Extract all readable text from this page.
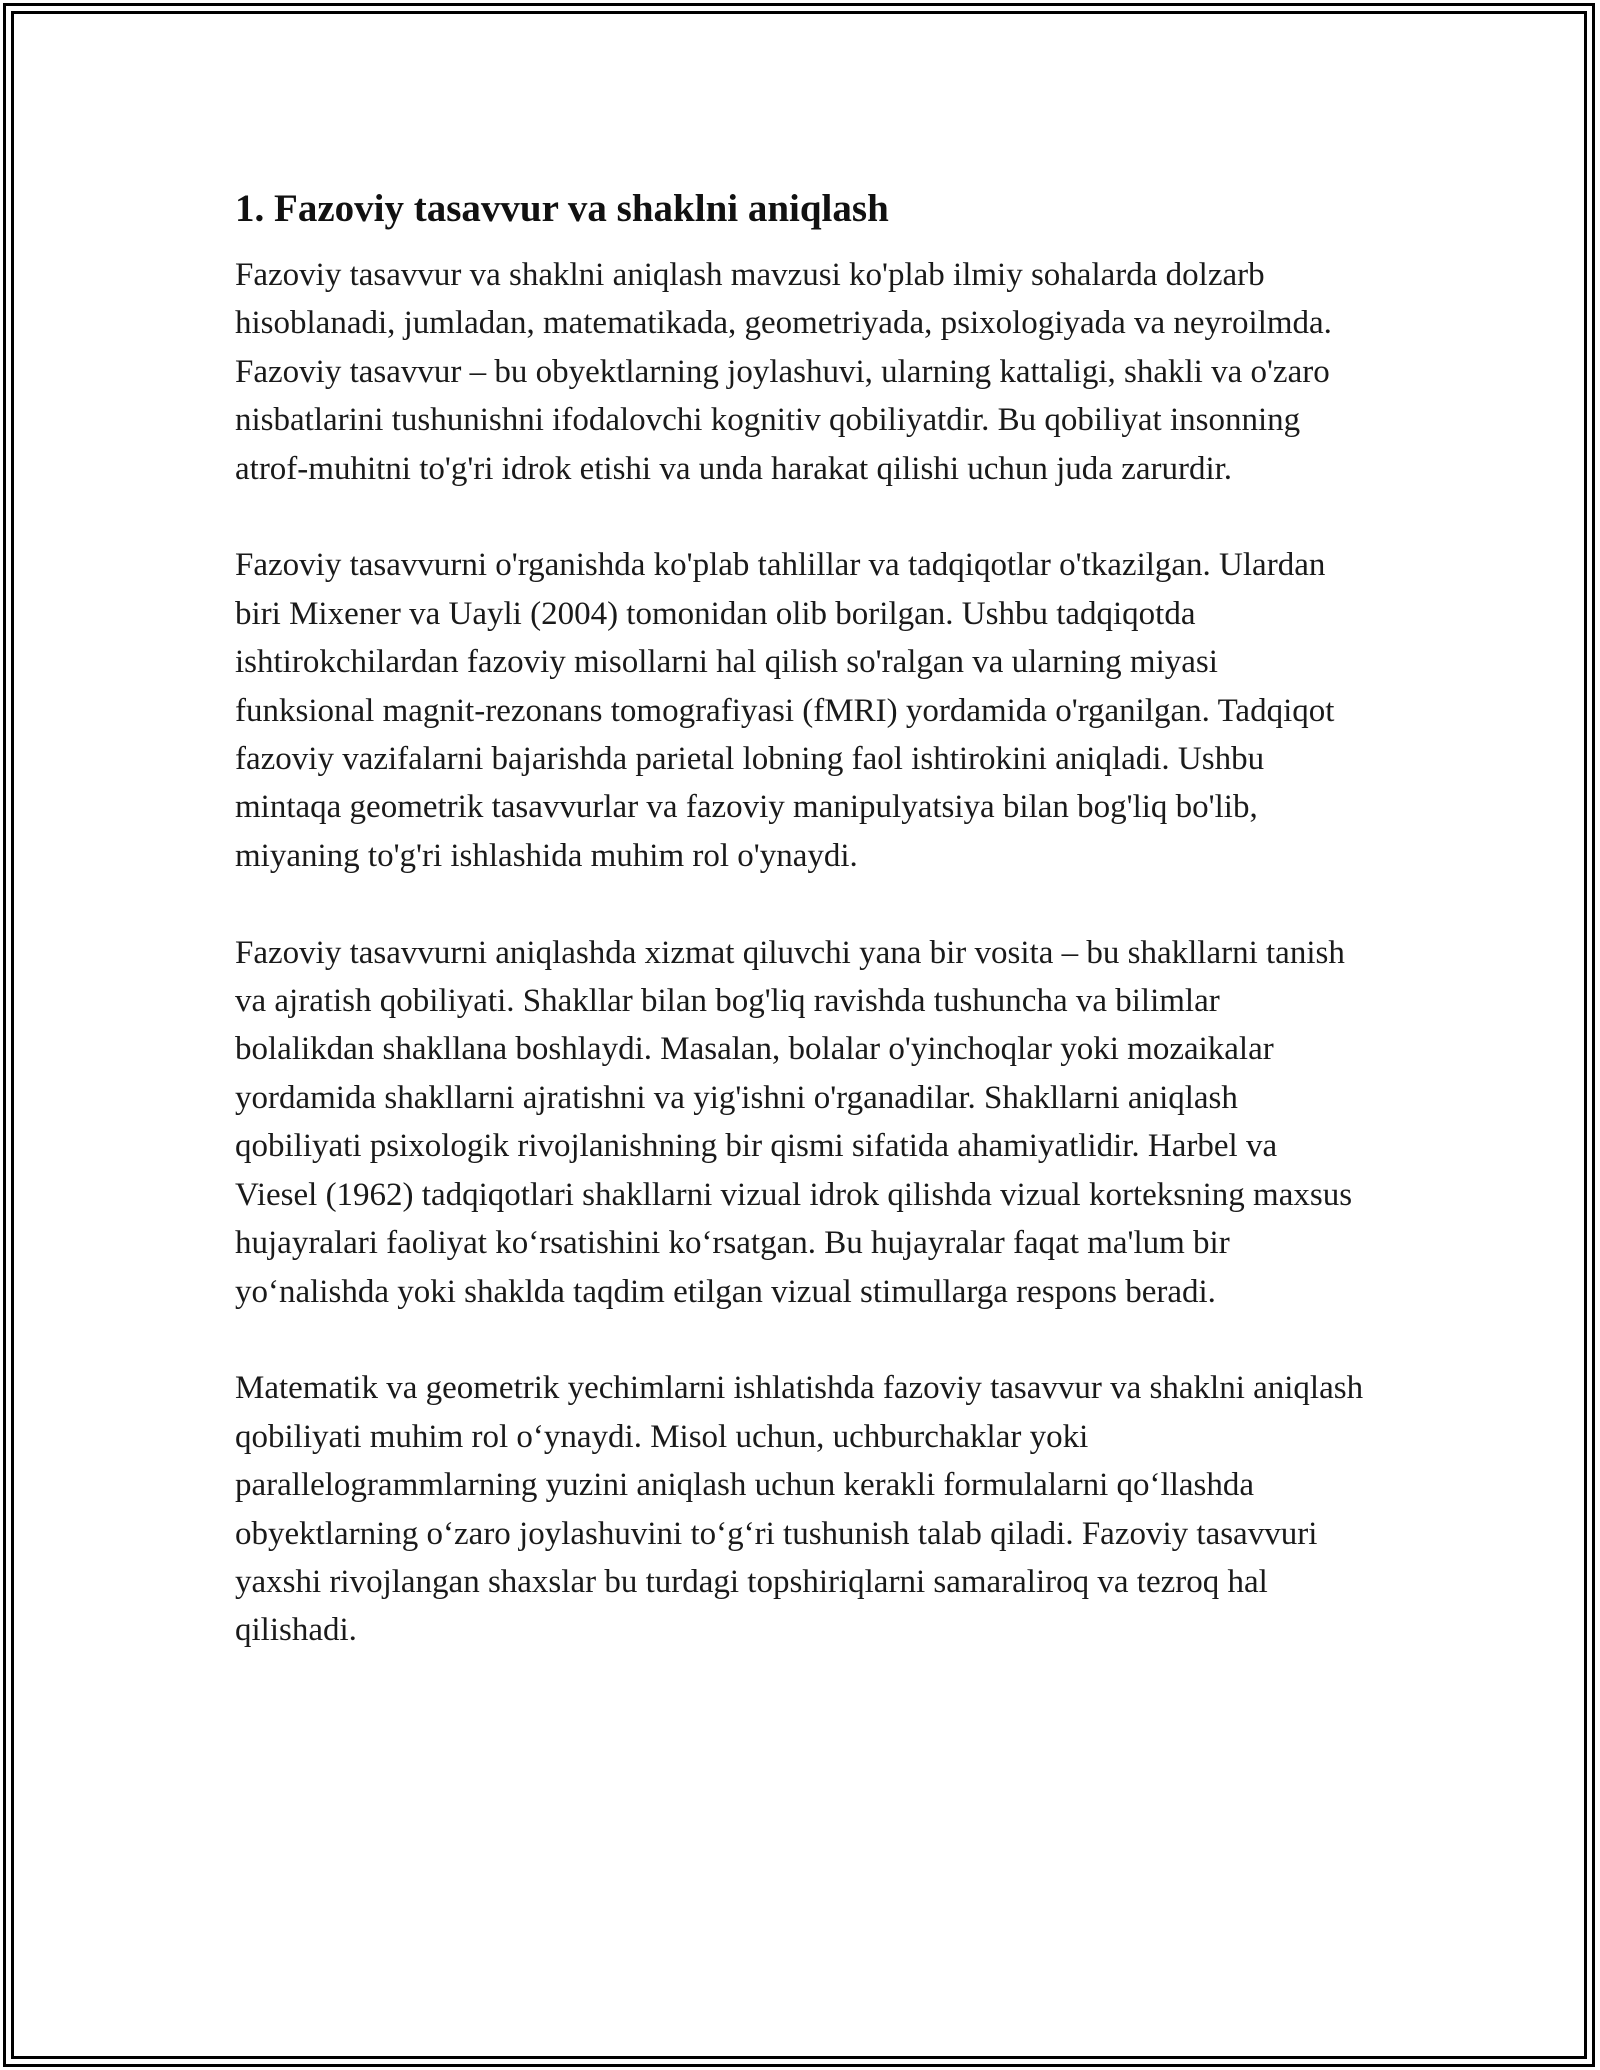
1. Fazoviy tasavvur va shaklni aniqlash

Fazoviy tasavvur va shaklni aniqlash mavzusi ko'plab ilmiy sohalarda dolzarb hisoblanadi, jumladan, matematikada, geometriyada, psixologiyada va neyroilmda. Fazoviy tasavvur – bu obyektlarning joylashuvi, ularning kattaligi, shakli va o'zaro nisbatlarini tushunishni ifodalovchi kognitiv qobiliyatdir. Bu qobiliyat insonning atrof-muhitni to'g'ri idrok etishi va unda harakat qilishi uchun juda zarurdir.

Fazoviy tasavvurni o'rganishda ko'plab tahlillar va tadqiqotlar o'tkazilgan. Ulardan biri Mixener va Uayli (2004) tomonidan olib borilgan. Ushbu tadqiqotda ishtirokchilardan fazoviy misollarni hal qilish so'ralgan va ularning miyasi funksional magnit-rezonans tomografiyasi (fMRI) yordamida o'rganilgan. Tadqiqot fazoviy vazifalarni bajarishda parietal lobning faol ishtirokini aniqladi. Ushbu mintaqa geometrik tasavvurlar va fazoviy manipulyatsiya bilan bog'liq bo'lib, miyaning to'g'ri ishlashida muhim rol o'ynaydi.

Fazoviy tasavvurni aniqlashda xizmat qiluvchi yana bir vosita – bu shakllarni tanish va ajratish qobiliyati. Shakllar bilan bog'liq ravishda tushuncha va bilimlar bolalikdan shakllana boshlaydi. Masalan, bolalar o'yinchoqlar yoki mozaikalar yordamida shakllarni ajratishni va yig'ishni o'rganadilar. Shakllarni aniqlash qobiliyati psixologik rivojlanishning bir qismi sifatida ahamiyatlidir. Harbel va Viesel (1962) tadqiqotlari shakllarni vizual idrok qilishda vizual korteksning maxsus hujayralari faoliyat ko‘rsatishini ko‘rsatgan. Bu hujayralar faqat ma'lum bir yo‘nalishda yoki shaklda taqdim etilgan vizual stimullarga respons beradi.

Matematik va geometrik yechimlarni ishlatishda fazoviy tasavvur va shaklni aniqlash qobiliyati muhim rol o‘ynaydi. Misol uchun, uchburchaklar yoki parallelogrammlarning yuzini aniqlash uchun kerakli formulalarni qo‘llashda obyektlarning o‘zaro joylashuvini to‘g‘ri tushunish talab qiladi. Fazoviy tasavvuri yaxshi rivojlangan shaxslar bu turdagi topshiriqlarni samaraliroq va tezroq hal qilishadi.
